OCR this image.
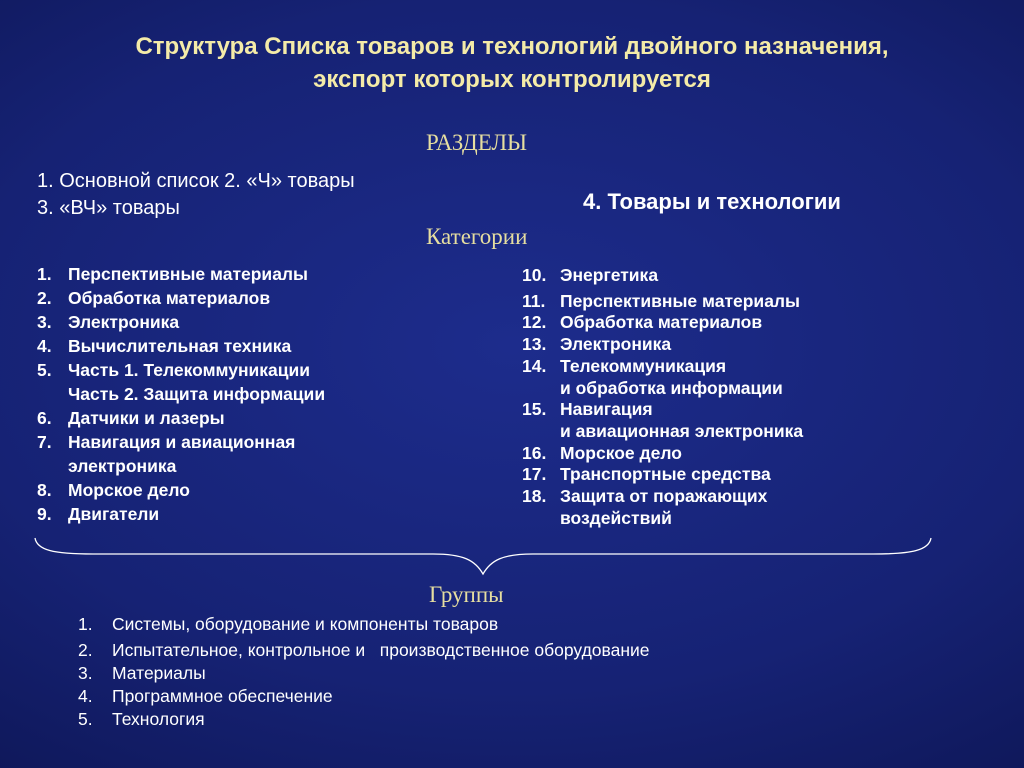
Структура Списка товаров и технологий двойного назначения,
экспорт которых контролируется
РАЗДЕЛЫ
1. Основной список 2. «Ч» товары
3. «ВЧ» товары	4. Товары и технологии
Категории
1. Перспективные материалы
2. Обработка материалов
3. Электроника
4. Вычислительная техника
5. Часть 1. Телекоммуникации
Часть 2. Защита информации
6. Датчики и лазеры
7. Навигация и авиационная
электроника
8. Морское дело
9. Двигатели
10. Энергетика
11. Перспективные материалы
12. Обработка материалов
13. Электроника
14. Телекоммуникация
и обработка информации
15. Навигация
и авиационная электроника
16. Морское дело
17. Транспортные средства
18. Защита от поражающих
воздействий
Группы
1.	Системы, оборудование и компоненты товаров
2.	Испытательное, контрольное и   производственное оборудование
3.	Материалы
4.	Программное обеспечение
5.	Технология
